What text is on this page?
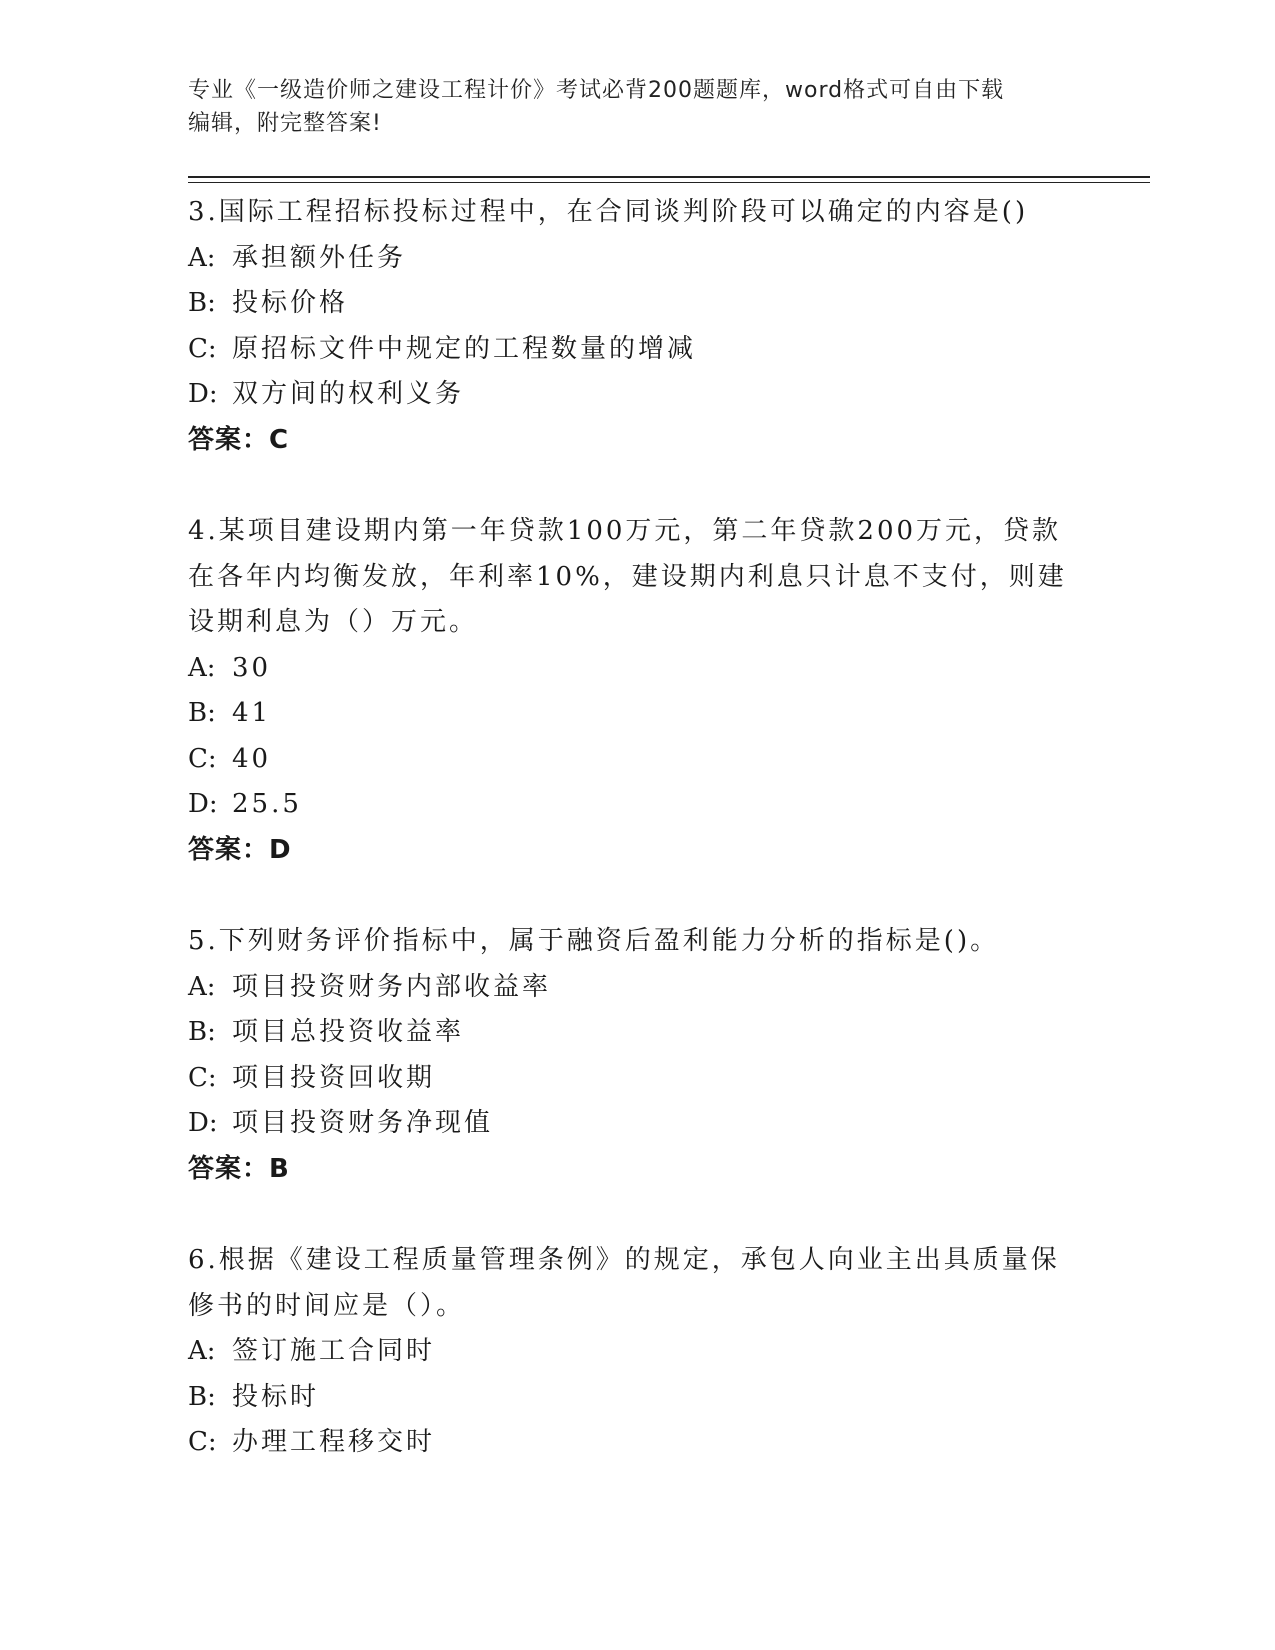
专业《一级造价师之建设工程计价》考试必背200题题库，word格式可自由下载
编辑，附完整答案!

3.国际工程招标投标过程中，在合同谈判阶段可以确定的内容是()

A: 承担额外任务

B: 投标价格

C: 原招标文件中规定的工程数量的增减

D: 双方间的权利义务

答案：C

4.某项目建设期内第一年贷款100万元，第二年贷款200万元，贷款在各年内均衡发放，年利率10%，建设期内利息只计息不支付，则建设期利息为（）万元。

A: 30

B: 41

C: 40

D: 25.5

答案：D

5.下列财务评价指标中，属于融资后盈利能力分析的指标是()。

A: 项目投资财务内部收益率

B: 项目总投资收益率

C: 项目投资回收期

D: 项目投资财务净现值

答案：B

6.根据《建设工程质量管理条例》的规定，承包人向业主出具质量保修书的时间应是（）。

A: 签订施工合同时

B: 投标时

C: 办理工程移交时
